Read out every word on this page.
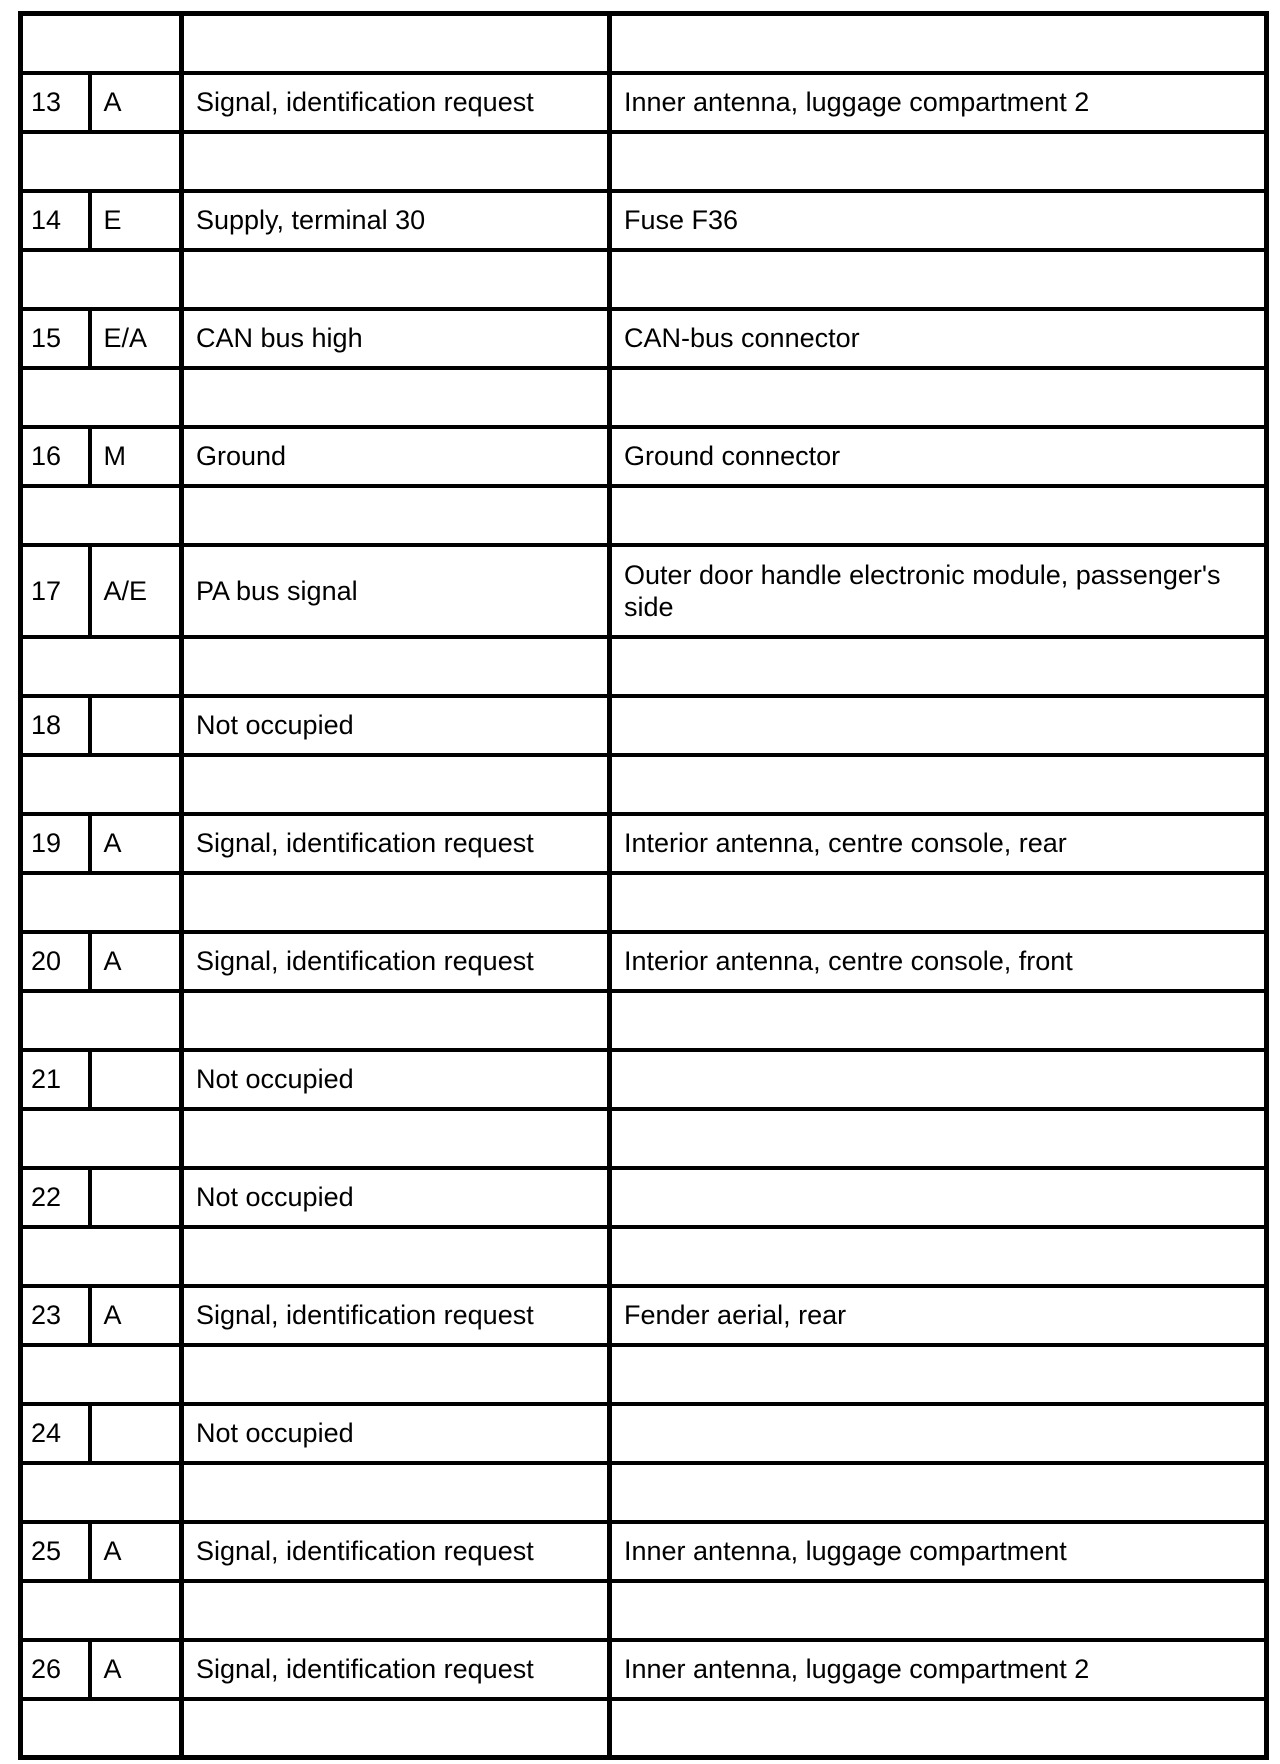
13	A	Signal, identification request	Inner antenna, luggage compartment 2

14	E	Supply, terminal 30	Fuse F36

15	E/A	CAN bus high	CAN-bus connector

16	M	Ground	Ground connector

17	A/E	PA bus signal	Outer door handle electronic module, passenger's side

18		Not occupied	

19	A	Signal, identification request	Interior antenna, centre console, rear

20	A	Signal, identification request	Interior antenna, centre console, front

21		Not occupied	

22		Not occupied	

23	A	Signal, identification request	Fender aerial, rear

24		Not occupied	

25	A	Signal, identification request	Inner antenna, luggage compartment

26	A	Signal, identification request	Inner antenna, luggage compartment 2
